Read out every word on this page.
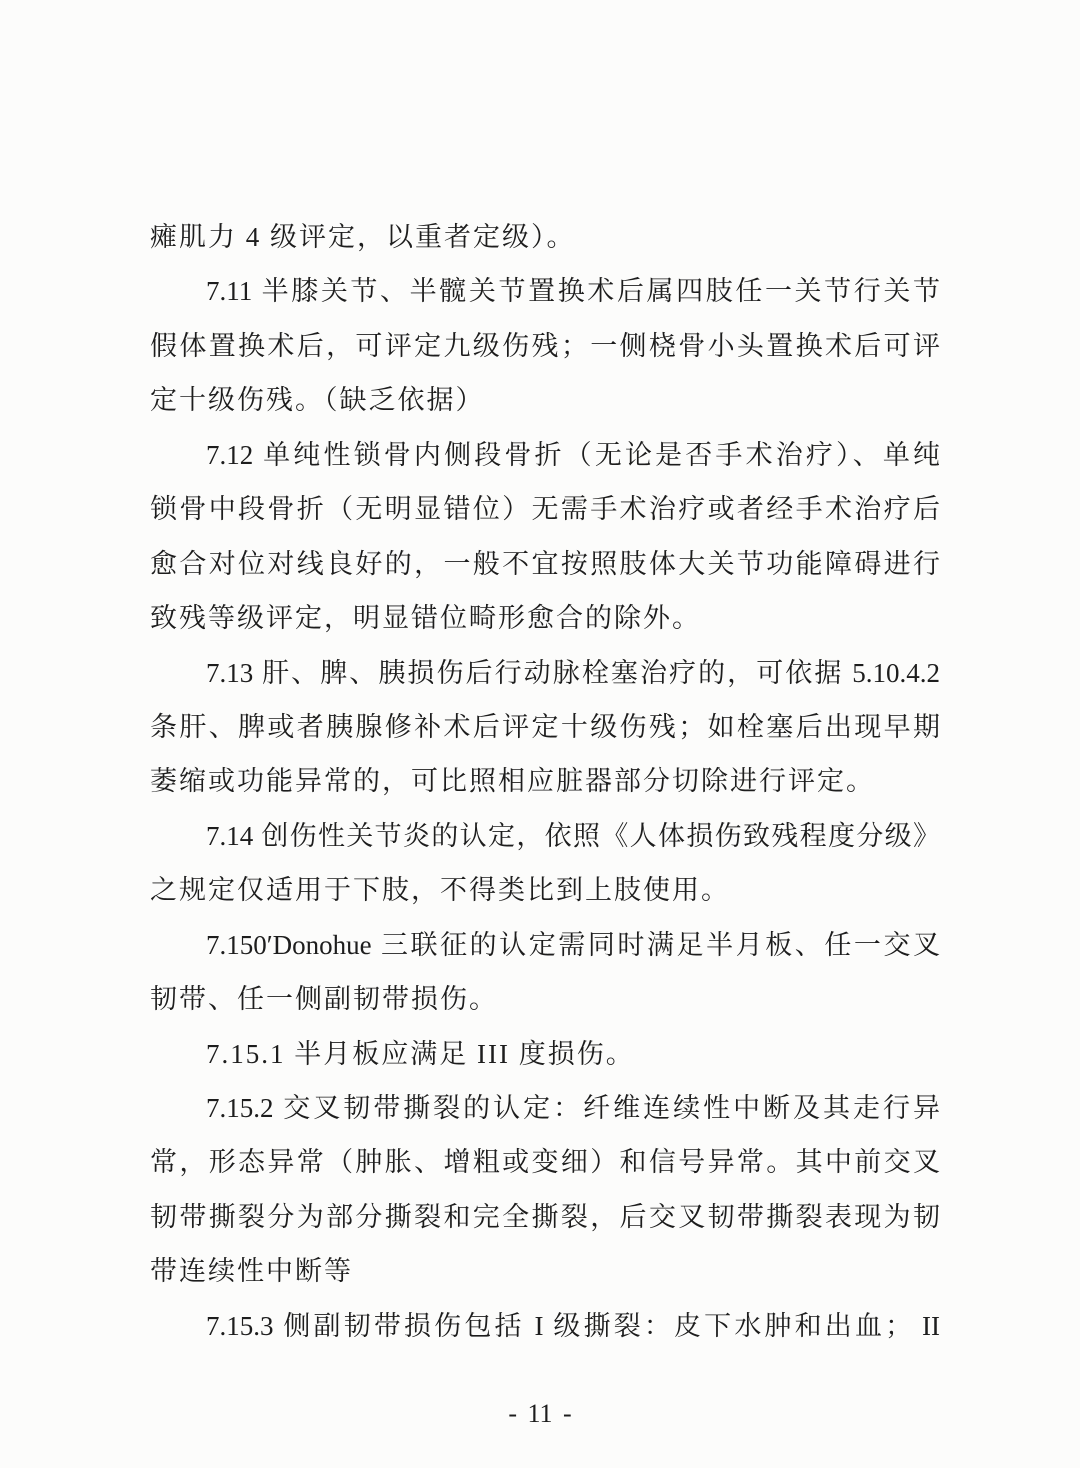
瘫肌力 4 级评定，以重者定级）。
7.11 半膝关节、半髋关节置换术后属四肢任一关节行关节
假体置换术后，可评定九级伤残；一侧桡骨小头置换术后可评
定十级伤残。（缺乏依据）
7.12 单纯性锁骨内侧段骨折（无论是否手术治疗）、单纯
锁骨中段骨折（无明显错位）无需手术治疗或者经手术治疗后
愈合对位对线良好的，一般不宜按照肢体大关节功能障碍进行
致残等级评定，明显错位畸形愈合的除外。
7.13 肝、脾、胰损伤后行动脉栓塞治疗的，可依据 5.10.4.2
条肝、脾或者胰腺修补术后评定十级伤残；如栓塞后出现早期
萎缩或功能异常的，可比照相应脏器部分切除进行评定。
7.14 创伤性关节炎的认定，依照《人体损伤致残程度分级》
之规定仅适用于下肢，不得类比到上肢使用。
7.150′Donohue 三联征的认定需同时满足半月板、任一交叉
韧带、任一侧副韧带损伤。
7.15.1 半月板应满足 III 度损伤。
7.15.2 交叉韧带撕裂的认定：纤维连续性中断及其走行异
常，形态异常（肿胀、增粗或变细）和信号异常。其中前交叉
韧带撕裂分为部分撕裂和完全撕裂，后交叉韧带撕裂表现为韧
带连续性中断等
7.15.3 侧副韧带损伤包括 I 级撕裂：皮下水肿和出血； II
- 11 -
